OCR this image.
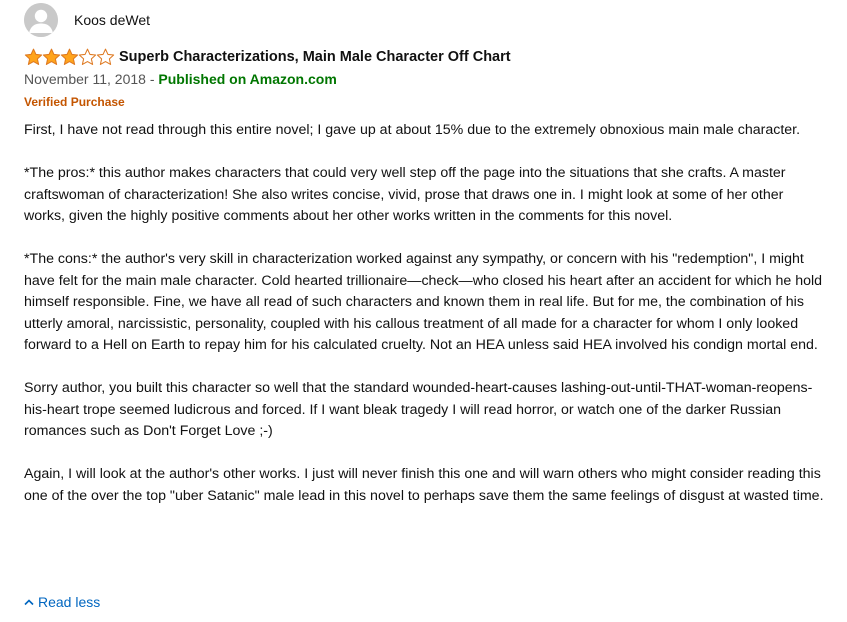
Koos deWet
Superb Characterizations, Main Male Character Off Chart
November 11, 2018 - Published on Amazon.com
Verified Purchase

First, I have not read through this entire novel; I gave up at about 15% due to the extremely obnoxious main male character.

*The pros:* this author makes characters that could very well step off the page into the situations that she crafts. A master craftswoman of characterization! She also writes concise, vivid, prose that draws one in. I might look at some of her other works, given the highly positive comments about her other works written in the comments for this novel.

*The cons:* the author's very skill in characterization worked against any sympathy, or concern with his "redemption", I might have felt for the main male character. Cold hearted trillionaire—check—who closed his heart after an accident for which he hold himself responsible. Fine, we have all read of such characters and known them in real life. But for me, the combination of his utterly amoral, narcissistic, personality, coupled with his callous treatment of all made for a character for whom I only looked forward to a Hell on Earth to repay him for his calculated cruelty. Not an HEA unless said HEA involved his condign mortal end.

Sorry author, you built this character so well that the standard wounded-heart-causes lashing-out-until-THAT-woman-reopens-his-heart trope seemed ludicrous and forced. If I want bleak tragedy I will read horror, or watch one of the darker Russian romances such as Don't Forget Love ;-)

Again, I will look at the author's other works. I just will never finish this one and will warn others who might consider reading this one of the over the top "uber Satanic" male lead in this novel to perhaps save them the same feelings of disgust at wasted time.

Read less
